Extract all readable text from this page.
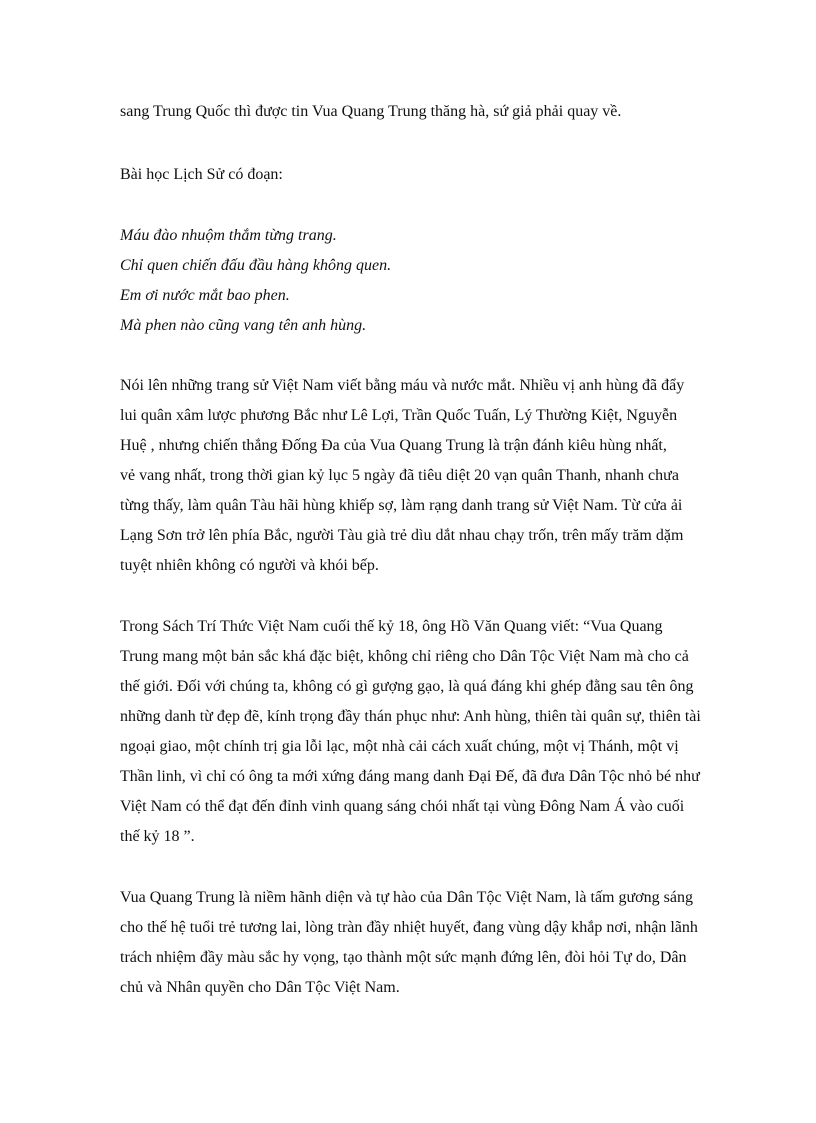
sang Trung Quốc thì được tin Vua Quang Trung thăng hà, sứ giả phải quay về.
Bài học Lịch Sử có đoạn:
Máu đào nhuộm thắm từng trang.
Chỉ quen chiến đấu đầu hàng không quen.
Em ơi nước mắt bao phen.
Mà phen nào cũng vang tên anh hùng.
Nói lên những trang sử Việt Nam viết bằng máu và nước mắt. Nhiều vị anh hùng đã đẩy
lui quân xâm lược phương Bắc như Lê Lợi, Trần Quốc Tuấn, Lý Thường Kiệt, Nguyễn
Huệ , nhưng chiến thắng Đống Đa của Vua Quang Trung là trận đánh kiêu hùng nhất,
vẻ vang nhất, trong thời gian kỷ lục 5 ngày đã tiêu diệt 20 vạn quân Thanh, nhanh chưa
từng thấy, làm quân Tàu hãi hùng khiếp sợ, làm rạng danh trang sử Việt Nam. Từ cửa ải
Lạng Sơn trở lên phía Bắc, người Tàu già trẻ dìu dắt nhau chạy trốn, trên mấy trăm dặm
tuyệt nhiên không có người và khói bếp.
Trong Sách Trí Thức Việt Nam cuối thế kỷ 18, ông Hồ Văn Quang viết: “Vua Quang
Trung mang một bản sắc khá đặc biệt, không chỉ riêng cho Dân Tộc Việt Nam mà cho cả
thế giới. Đối với chúng ta, không có gì gượng gạo, là quá đáng khi ghép đằng sau tên ông
những danh từ đẹp đẽ, kính trọng đầy thán phục như: Anh hùng, thiên tài quân sự, thiên tài
ngoại giao, một chính trị gia lỗi lạc, một nhà cải cách xuất chúng, một vị Thánh, một vị
Thần linh, vì chỉ có ông ta mới xứng đáng mang danh Đại Đế, đã đưa Dân Tộc nhỏ bé như
Việt Nam có thể đạt đến đỉnh vinh quang sáng chói nhất tại vùng Đông Nam Á vào cuối
thế kỷ 18 ”.
Vua Quang Trung là niềm hãnh diện và tự hào của Dân Tộc Việt Nam, là tấm gương sáng
cho thế hệ tuổi trẻ tương lai, lòng tràn đầy nhiệt huyết, đang vùng dậy khắp nơi, nhận lãnh
trách nhiệm đầy màu sắc hy vọng, tạo thành một sức mạnh đứng lên, đòi hỏi Tự do, Dân
chủ và Nhân quyền cho Dân Tộc Việt Nam.
